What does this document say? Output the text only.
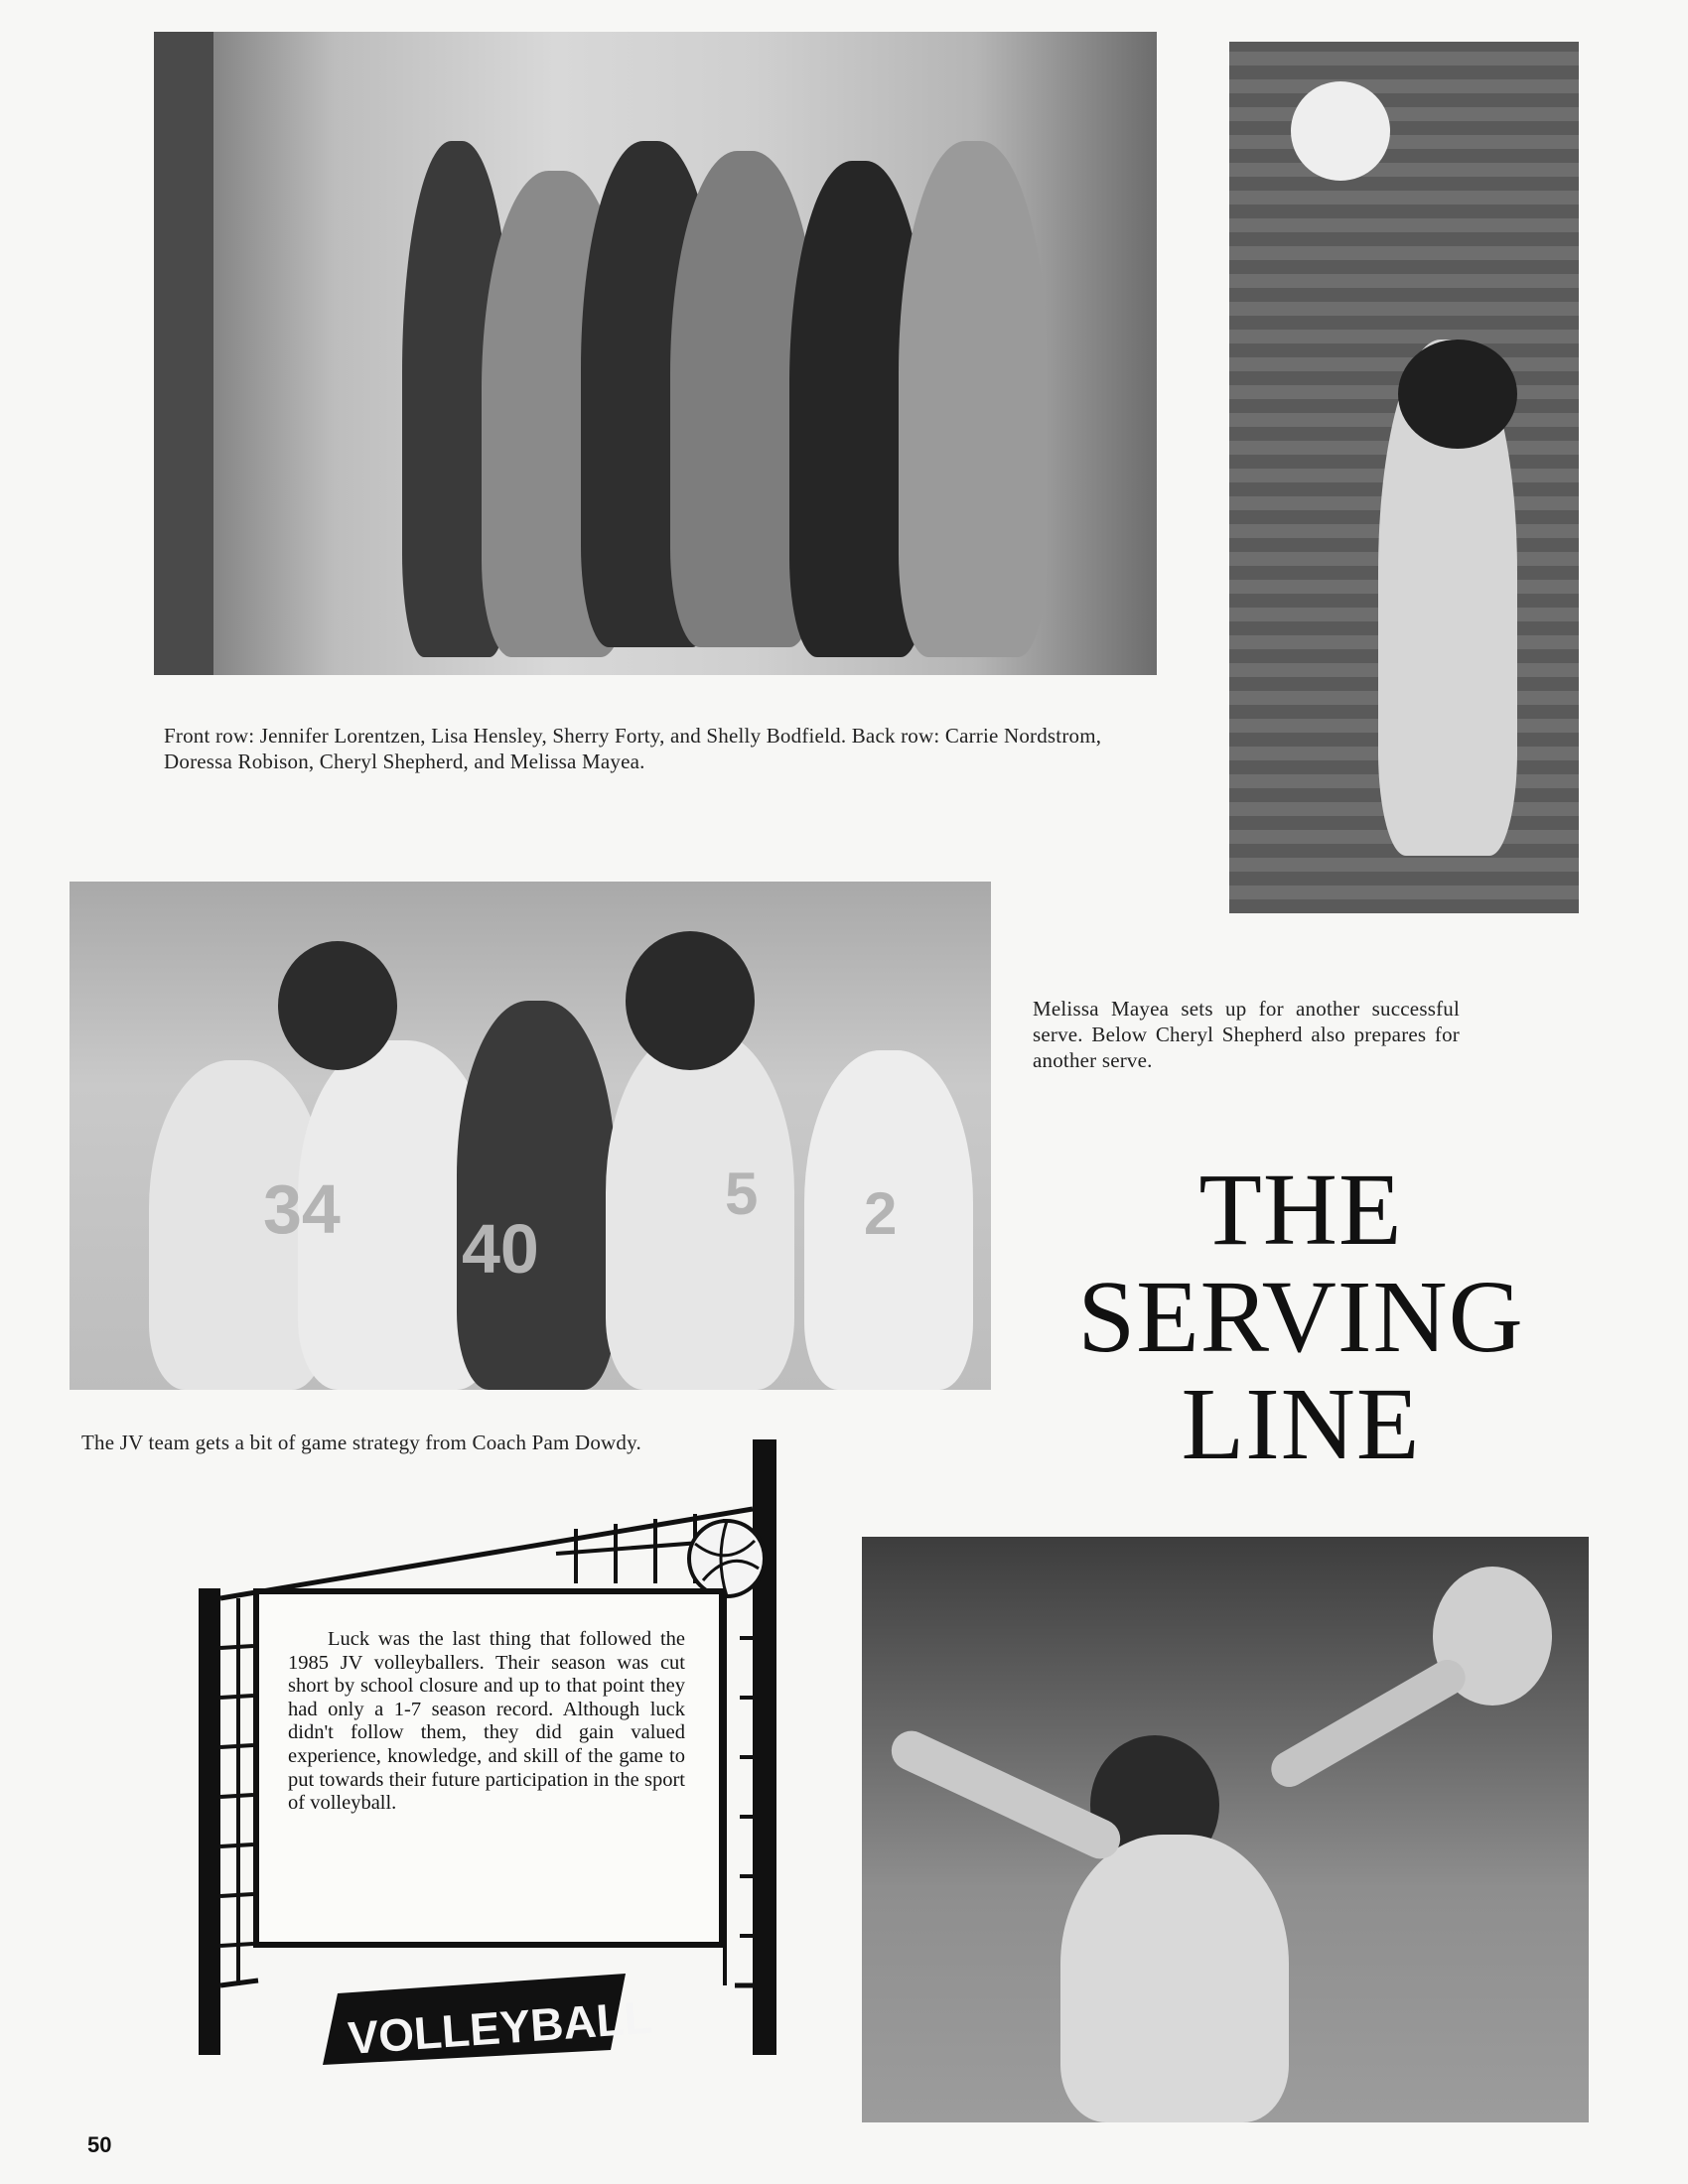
Front row: Jennifer Lorentzen, Lisa Hensley, Sherry Forty, and Shelly Bodfield. Back row: Carrie Nordstrom, Doressa Robison, Cheryl Shepherd, and Melissa Mayea.
Melissa Mayea sets up for another successful serve. Below Cheryl Shepherd also prepares for another serve.
34
40
5 2
The JV team gets a bit of game strategy from Coach Pam Dowdy.
THE
SERVING
LINE
VOLLEYBALL
Luck was the last thing that followed the 1985 JV volleyballers. Their season was cut short by school closure and up to that point they had only a 1-7 season record. Although luck didn't follow them, they did gain valued experience, knowledge, and skill of the game to put towards their future participation in the sport of volleyball.
50
